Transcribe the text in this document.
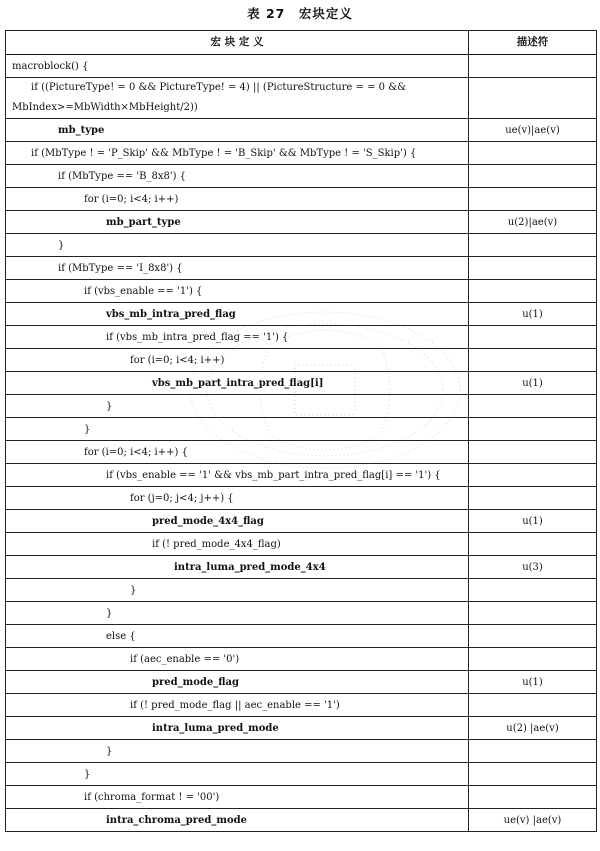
表 27　宏块定义
宏 块 定 义	描述符
macroblock() {	

if ((PictureType! = 0 && PictureType! = 4) || (PictureStructure = = 0 &&
MbIndex>=MbWidth×MbHeight/2))	

mb_type	ue(v)|ae(v)
if (MbType ! = 'P_Skip' && MbType ! = 'B_Skip' && MbType ! = 'S_Skip') {	
if (MbType == 'B_8x8') {	
for (i=0; i<4; i++)	
mb_part_type	u(2)|ae(v)
}	
if (MbType == 'I_8x8') {	
if (vbs_enable == '1') {	
vbs_mb_intra_pred_flag	u(1)
if (vbs_mb_intra_pred_flag == '1') {	
for (i=0; i<4; i++)	
vbs_mb_part_intra_pred_flag[i]	u(1)
}	
}	
for (i=0; i<4; i++) {	
if (vbs_enable == '1' && vbs_mb_part_intra_pred_flag[i] == '1') {	
for (j=0; j<4; j++) {	
pred_mode_4x4_flag	u(1)
if (! pred_mode_4x4_flag)	
intra_luma_pred_mode_4x4	u(3)
}	
}	
else {	
if (aec_enable == '0')	
pred_mode_flag	u(1)
if (! pred_mode_flag || aec_enable == '1')	
intra_luma_pred_mode	u(2) |ae(v)
}	
}	
if (chroma_format ! = '00')	
intra_chroma_pred_mode	ue(v) |ae(v)
